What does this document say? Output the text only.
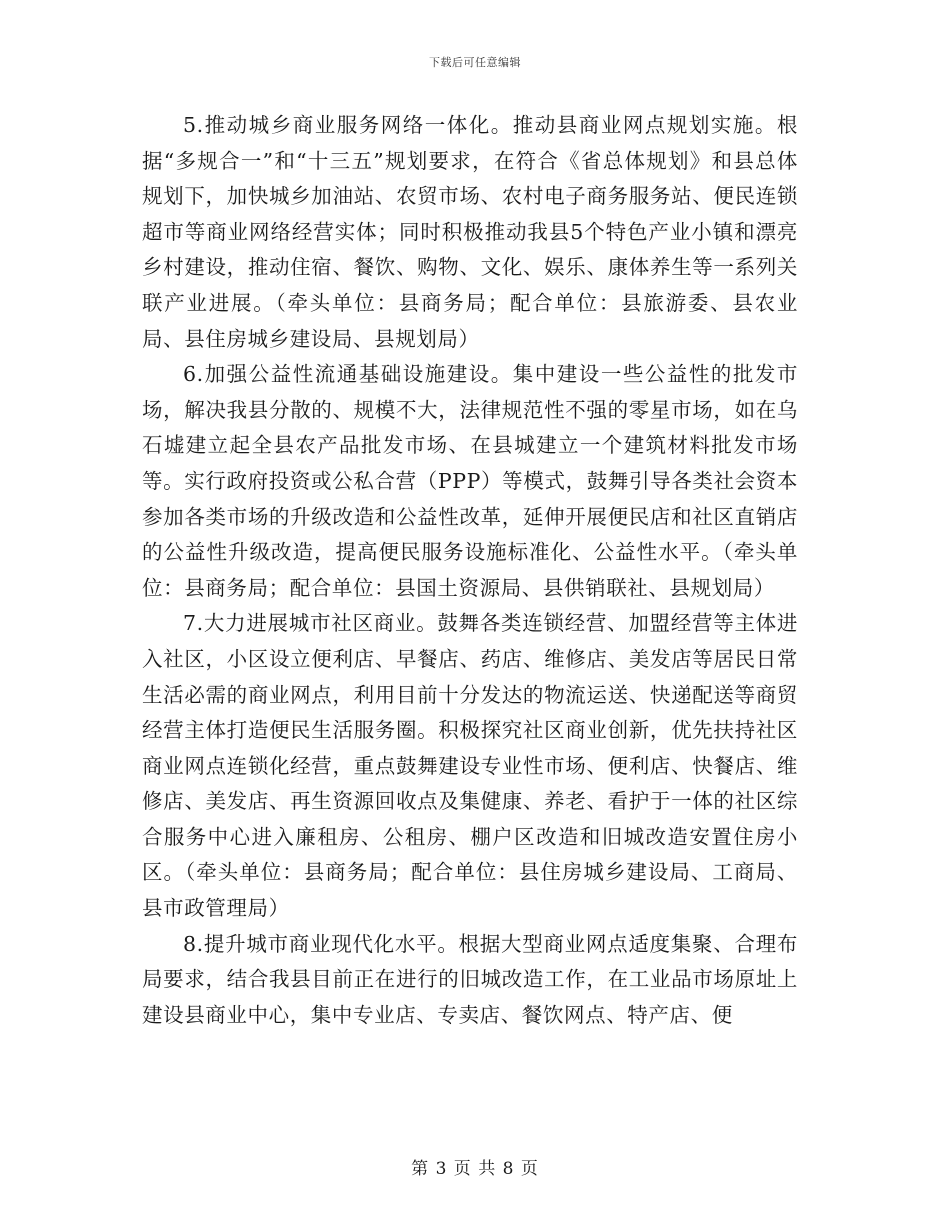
下载后可任意编辑

5.推动城乡商业服务网络一体化。推动县商业网点规划实施。根据“多规合一”和“十三五”规划要求，在符合《省总体规划》和县总体规划下，加快城乡加油站、农贸市场、农村电子商务服务站、便民连锁超市等商业网络经营实体；同时积极推动我县5个特色产业小镇和漂亮乡村建设，推动住宿、餐饮、购物、文化、娱乐、康体养生等一系列关联产业进展。（牵头单位：县商务局；配合单位：县旅游委、县农业局、县住房城乡建设局、县规划局）

6.加强公益性流通基础设施建设。集中建设一些公益性的批发市场，解决我县分散的、规模不大，法律规范性不强的零星市场，如在乌石墟建立起全县农产品批发市场、在县城建立一个建筑材料批发市场等。实行政府投资或公私合营（PPP）等模式，鼓舞引导各类社会资本参加各类市场的升级改造和公益性改革，延伸开展便民店和社区直销店的公益性升级改造，提高便民服务设施标准化、公益性水平。（牵头单位：县商务局；配合单位：县国土资源局、县供销联社、县规划局）

7.大力进展城市社区商业。鼓舞各类连锁经营、加盟经营等主体进入社区，小区设立便利店、早餐店、药店、维修店、美发店等居民日常生活必需的商业网点，利用目前十分发达的物流运送、快递配送等商贸经营主体打造便民生活服务圈。积极探究社区商业创新，优先扶持社区商业网点连锁化经营，重点鼓舞建设专业性市场、便利店、快餐店、维修店、美发店、再生资源回收点及集健康、养老、看护于一体的社区综合服务中心进入廉租房、公租房、棚户区改造和旧城改造安置住房小区。（牵头单位：县商务局；配合单位：县住房城乡建设局、工商局、县市政管理局）

8.提升城市商业现代化水平。根据大型商业网点适度集聚、合理布局要求，结合我县目前正在进行的旧城改造工作，在工业品市场原址上建设县商业中心，集中专业店、专卖店、餐饮网点、特产店、便

第 3 页 共 8 页
